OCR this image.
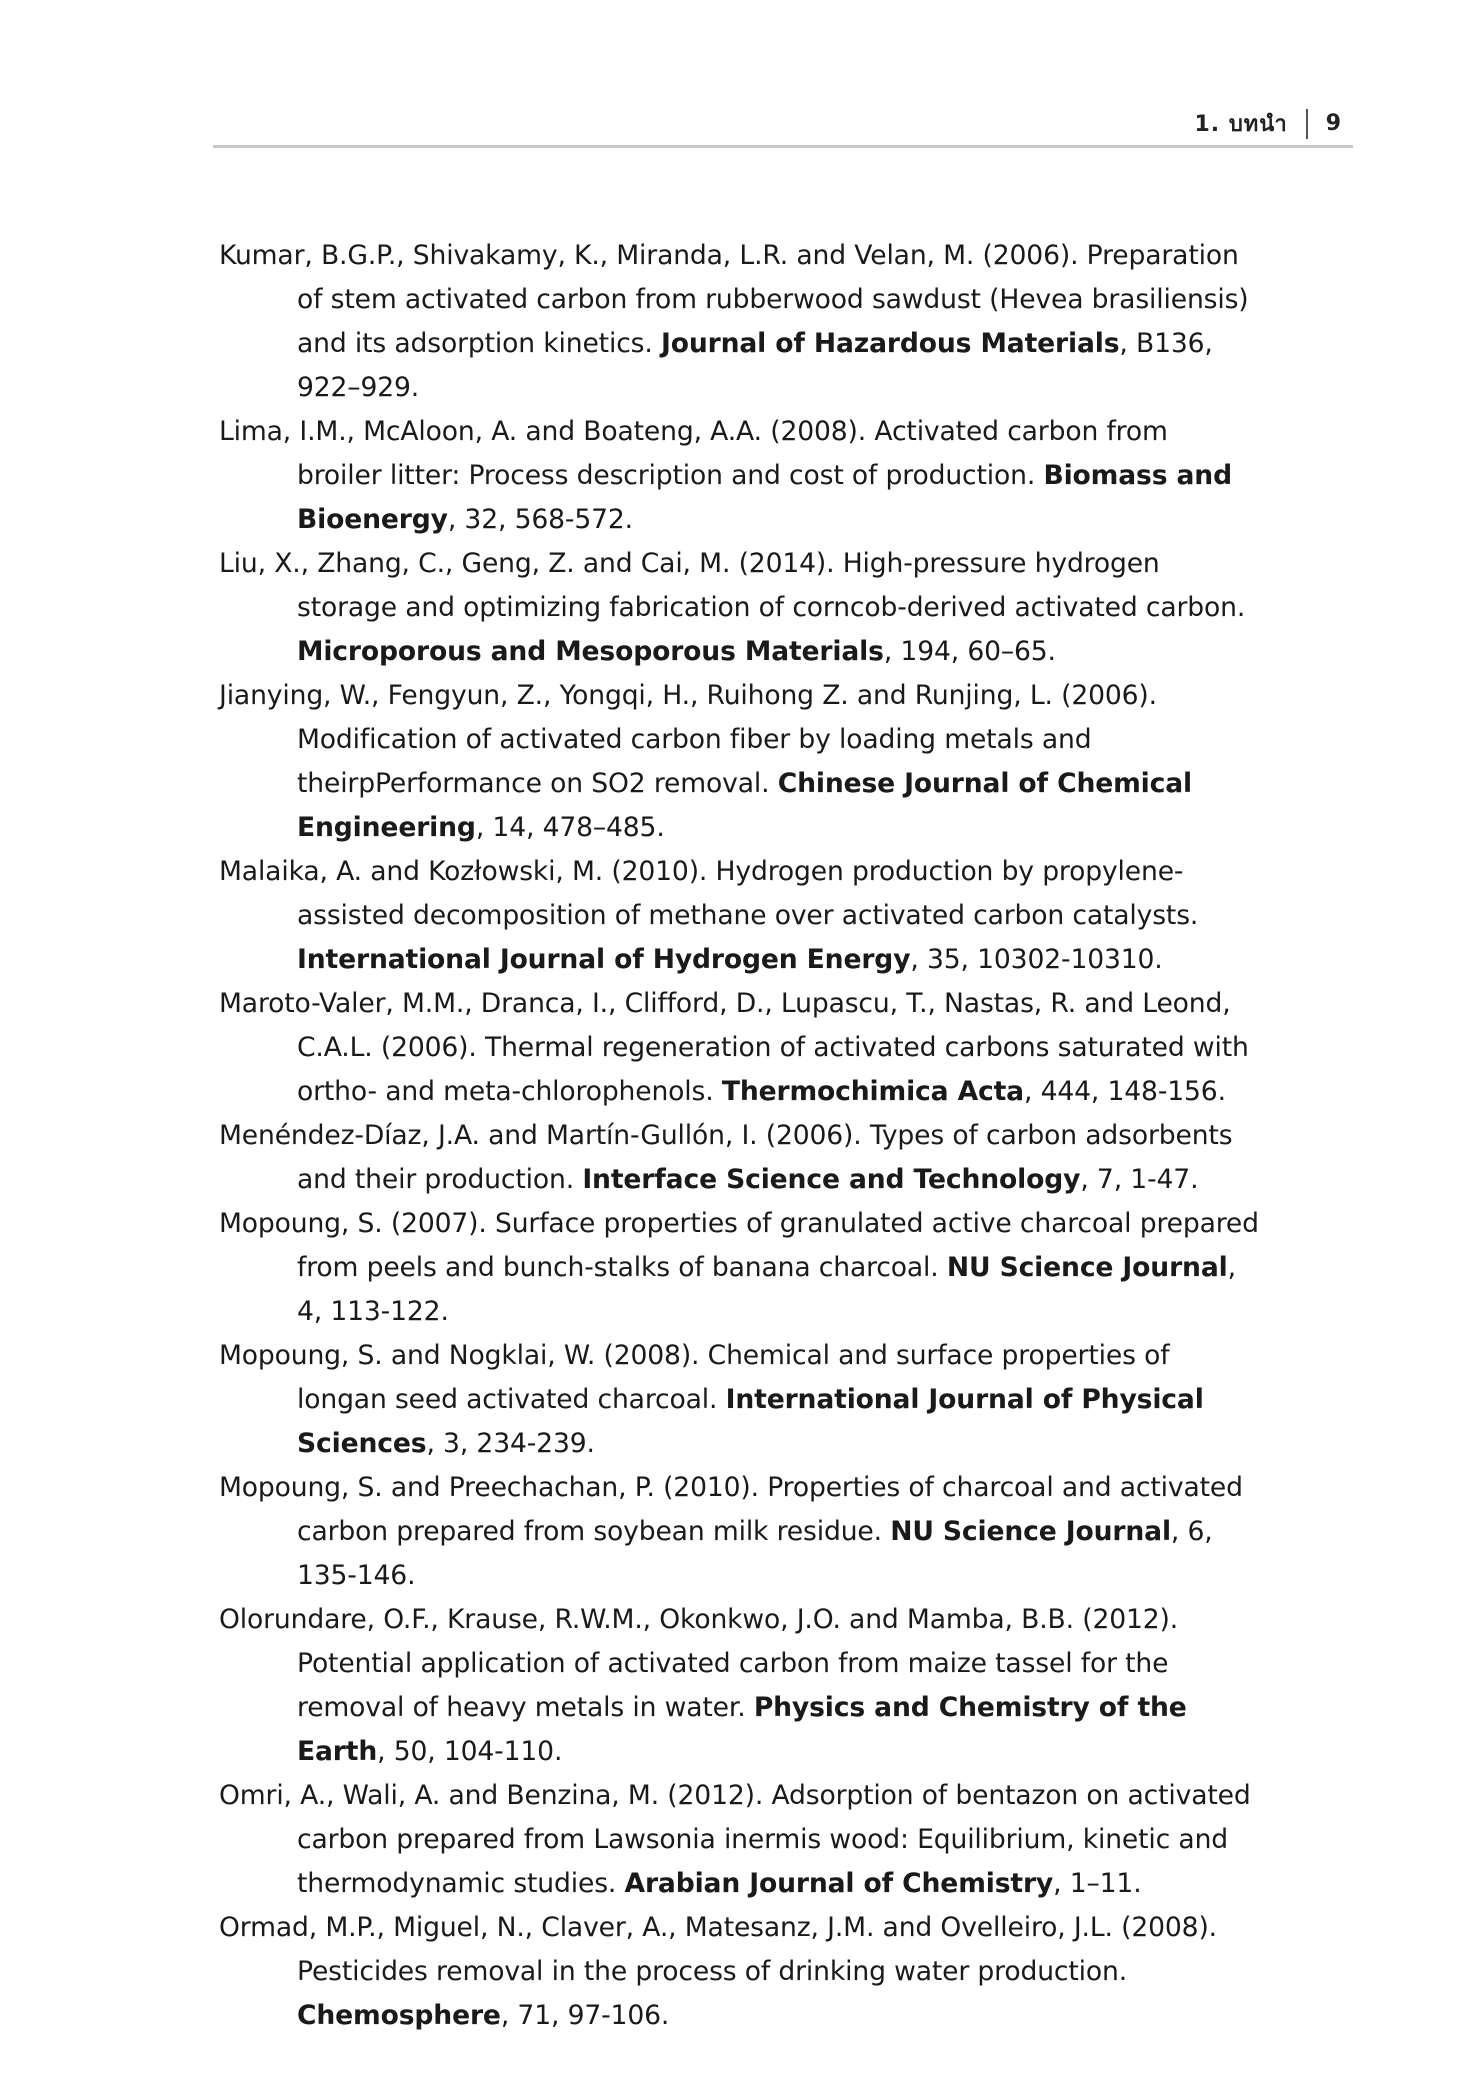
1. บทนำ 9

Kumar, B.G.P., Shivakamy, K., Miranda, L.R. and Velan, M. (2006). Preparation of stem activated carbon from rubberwood sawdust (Hevea brasiliensis) and its adsorption kinetics. Journal of Hazardous Materials, B136, 922–929.

Lima, I.M., McAloon, A. and Boateng, A.A. (2008). Activated carbon from broiler litter: Process description and cost of production. Biomass and Bioenergy, 32, 568-572.

Liu, X., Zhang, C., Geng, Z. and Cai, M. (2014). High-pressure hydrogen storage and optimizing fabrication of corncob-derived activated carbon. Microporous and Mesoporous Materials, 194, 60–65.

Jianying, W., Fengyun, Z., Yongqi, H., Ruihong Z. and Runjing, L. (2006). Modification of activated carbon fiber by loading metals and theirpPerformance on SO2 removal. Chinese Journal of Chemical Engineering, 14, 478–485.

Malaika, A. and Kozłowski, M. (2010). Hydrogen production by propylene-assisted decomposition of methane over activated carbon catalysts. International Journal of Hydrogen Energy, 35, 10302-10310.

Maroto-Valer, M.M., Dranca, I., Clifford, D., Lupascu, T., Nastas, R. and Leond, C.A.L. (2006). Thermal regeneration of activated carbons saturated with ortho- and meta-chlorophenols. Thermochimica Acta, 444, 148-156.

Menéndez-Díaz, J.A. and Martín-Gullón, I. (2006). Types of carbon adsorbents and their production. Interface Science and Technology, 7, 1-47.

Mopoung, S. (2007). Surface properties of granulated active charcoal prepared from peels and bunch-stalks of banana charcoal. NU Science Journal, 4, 113-122.

Mopoung, S. and Nogklai, W. (2008). Chemical and surface properties of longan seed activated charcoal. International Journal of Physical Sciences, 3, 234-239.

Mopoung, S. and Preechachan, P. (2010). Properties of charcoal and activated carbon prepared from soybean milk residue. NU Science Journal, 6, 135-146.

Olorundare, O.F., Krause, R.W.M., Okonkwo, J.O. and Mamba, B.B. (2012). Potential application of activated carbon from maize tassel for the removal of heavy metals in water. Physics and Chemistry of the Earth, 50, 104-110.

Omri, A., Wali, A. and Benzina, M. (2012). Adsorption of bentazon on activated carbon prepared from Lawsonia inermis wood: Equilibrium, kinetic and thermodynamic studies. Arabian Journal of Chemistry, 1–11.

Ormad, M.P., Miguel, N., Claver, A., Matesanz, J.M. and Ovelleiro, J.L. (2008). Pesticides removal in the process of drinking water production. Chemosphere, 71, 97-106.
